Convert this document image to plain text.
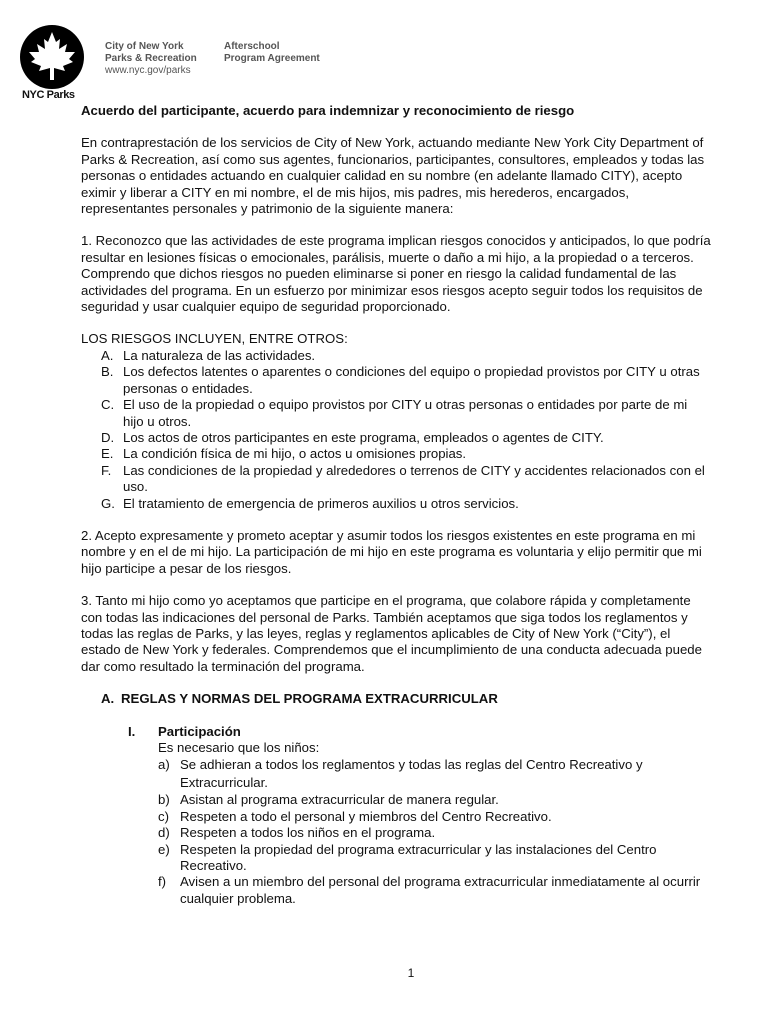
NYC Parks
City of New York
Parks & Recreation
www.nyc.gov/parks
Afterschool
Program Agreement
Acuerdo del participante, acuerdo para indemnizar y reconocimiento de riesgo

En contraprestación de los servicios de City of New York, actuando mediante New York City Department of Parks & Recreation, así como sus agentes, funcionarios, participantes, consultores, empleados y todas las personas o entidades actuando en cualquier calidad en su nombre (en adelante llamado CITY), acepto eximir y liberar a CITY en mi nombre, el de mis hijos, mis padres, mis herederos, encargados, representantes personales y patrimonio de la siguiente manera:

1. Reconozco que las actividades de este programa implican riesgos conocidos y anticipados, lo que podría resultar en lesiones físicas o emocionales, parálisis, muerte o daño a mi hijo, a la propiedad o a terceros. Comprendo que dichos riesgos no pueden eliminarse si poner en riesgo la calidad fundamental de las actividades del programa. En un esfuerzo por minimizar esos riesgos acepto seguir todos los requisitos de seguridad y usar cualquier equipo de seguridad proporcionado.

LOS RIESGOS INCLUYEN, ENTRE OTROS:
A. La naturaleza de las actividades.
B. Los defectos latentes o aparentes o condiciones del equipo o propiedad provistos por CITY u otras personas o entidades.
C. El uso de la propiedad o equipo provistos por CITY u otras personas o entidades por parte de mi hijo u otros.
D. Los actos de otros participantes en este programa, empleados o agentes de CITY.
E. La condición física de mi hijo, o actos u omisiones propias.
F. Las condiciones de la propiedad y alrededores o terrenos de CITY y accidentes relacionados con el uso.
G. El tratamiento de emergencia de primeros auxilios u otros servicios.

2. Acepto expresamente y prometo aceptar y asumir todos los riesgos existentes en este programa en mi nombre y en el de mi hijo. La participación de mi hijo en este programa es voluntaria y elijo permitir que mi hijo participe a pesar de los riesgos.

3. Tanto mi hijo como yo aceptamos que participe en el programa, que colabore rápida y completamente con todas las indicaciones del personal de Parks. También aceptamos que siga todos los reglamentos y todas las reglas de Parks, y las leyes, reglas y reglamentos aplicables de City of New York (“City”), el estado de New York y federales. Comprendemos que el incumplimiento de una conducta adecuada puede dar como resultado la terminación del programa.

A. REGLAS Y NORMAS DEL PROGRAMA EXTRACURRICULAR
I. Participación
Es necesario que los niños:
a) Se adhieran a todos los reglamentos y todas las reglas del Centro Recreativo y Extracurricular.
b) Asistan al programa extracurricular de manera regular.
c) Respeten a todo el personal y miembros del Centro Recreativo.
d) Respeten a todos los niños en el programa.
e) Respeten la propiedad del programa extracurricular y las instalaciones del Centro Recreativo.
f) Avisen a un miembro del personal del programa extracurricular inmediatamente al ocurrir cualquier problema.
1
